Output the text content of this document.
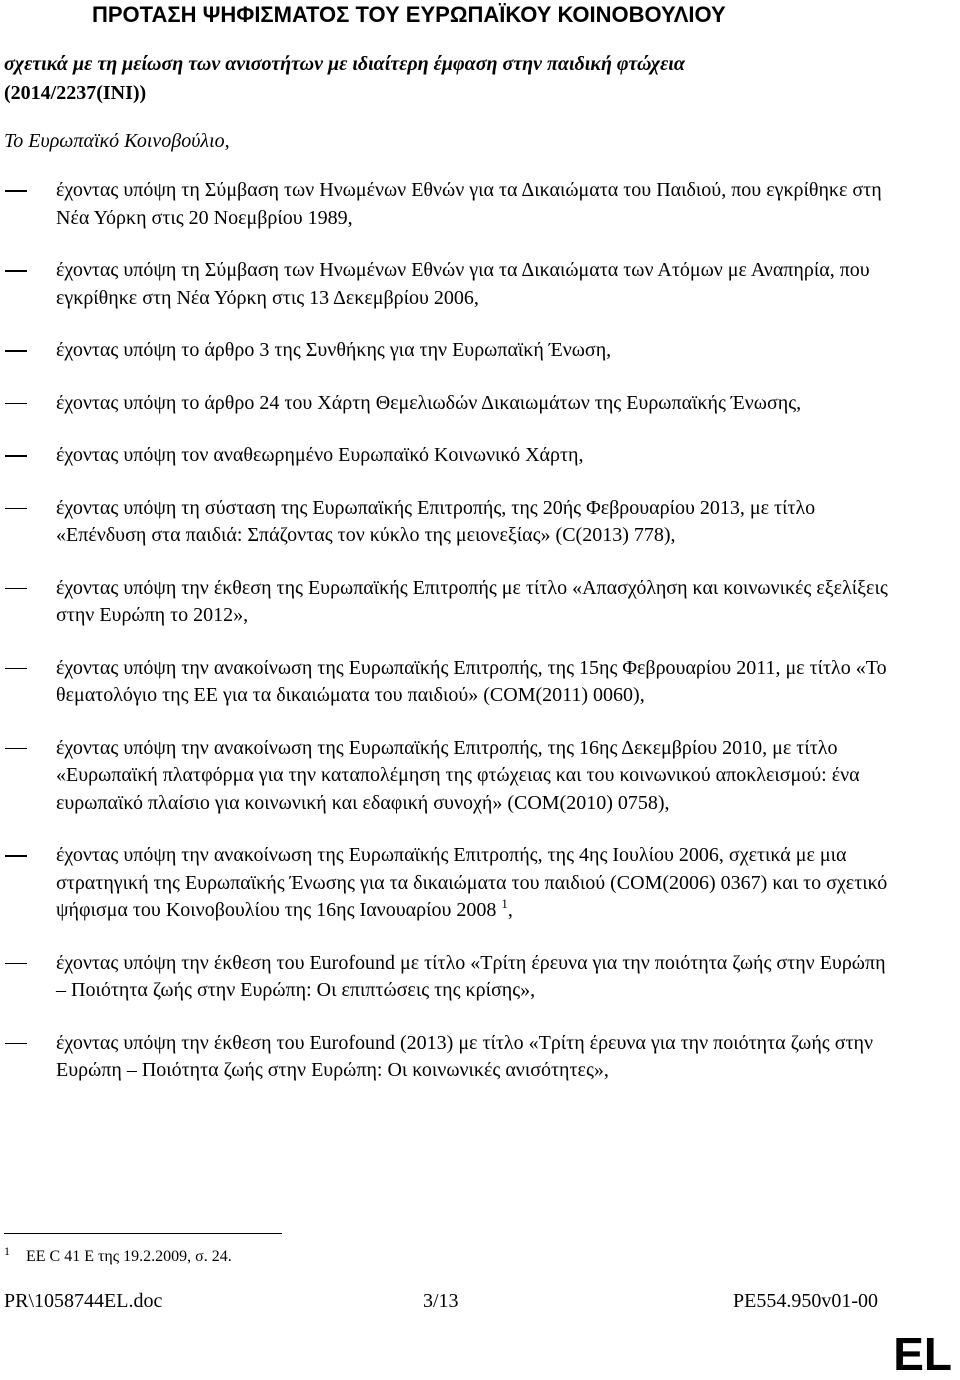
ΠΡΟΤΑΣΗ ΨΗΦΙΣΜΑΤΟΣ ΤΟΥ ΕΥΡΩΠΑΪΚΟΥ ΚΟΙΝΟΒΟΥΛΙΟΥ
σχετικά με τη μείωση των ανισοτήτων με ιδιαίτερη έμφαση στην παιδική φτώχεια
(2014/2237(INI))
Το Ευρωπαϊκό Κοινοβούλιο,
έχοντας υπόψη τη Σύμβαση των Ηνωμένων Εθνών για τα Δικαιώματα του Παιδιού, που εγκρίθηκε στη Νέα Υόρκη στις 20 Νοεμβρίου 1989,
έχοντας υπόψη τη Σύμβαση των Ηνωμένων Εθνών για τα Δικαιώματα των Ατόμων με Αναπηρία, που εγκρίθηκε στη Νέα Υόρκη στις 13 Δεκεμβρίου 2006,
έχοντας υπόψη το άρθρο 3 της Συνθήκης για την Ευρωπαϊκή Ένωση,
έχοντας υπόψη το άρθρο 24 του Χάρτη Θεμελιωδών Δικαιωμάτων της Ευρωπαϊκής Ένωσης,
έχοντας υπόψη τον αναθεωρημένο Ευρωπαϊκό Κοινωνικό Χάρτη,
έχοντας υπόψη τη σύσταση της Ευρωπαϊκής Επιτροπής, της 20ής Φεβρουαρίου 2013, με τίτλο «Επένδυση στα παιδιά: Σπάζοντας τον κύκλο της μειονεξίας» (C(2013) 778),
έχοντας υπόψη την έκθεση της Ευρωπαϊκής Επιτροπής με τίτλο «Απασχόληση και κοινωνικές εξελίξεις στην Ευρώπη το 2012»,
έχοντας υπόψη την ανακοίνωση της Ευρωπαϊκής Επιτροπής, της 15ης Φεβρουαρίου 2011, με τίτλο «Το θεματολόγιο της ΕΕ για τα δικαιώματα του παιδιού» (COM(2011) 0060),
έχοντας υπόψη την ανακοίνωση της Ευρωπαϊκής Επιτροπής, της 16ης Δεκεμβρίου 2010, με τίτλο «Ευρωπαϊκή πλατφόρμα για την καταπολέμηση της φτώχειας και του κοινωνικού αποκλεισμού: ένα ευρωπαϊκό πλαίσιο για κοινωνική και εδαφική συνοχή» (COM(2010) 0758),
έχοντας υπόψη την ανακοίνωση της Ευρωπαϊκής Επιτροπής, της 4ης Ιουλίου 2006, σχετικά με μια στρατηγική της Ευρωπαϊκής Ένωσης για τα δικαιώματα του παιδιού (COM(2006) 0367) και το σχετικό ψήφισμα του Κοινοβουλίου της 16ης Ιανουαρίου 2008 $^1$,
έχοντας υπόψη την έκθεση του Eurofound με τίτλο «Τρίτη έρευνα για την ποιότητα ζωής στην Ευρώπη ‒ Ποιότητα ζωής στην Ευρώπη: Οι επιπτώσεις της κρίσης»,
έχοντας υπόψη την έκθεση του Eurofound (2013) με τίτλο «Τρίτη έρευνα για την ποιότητα ζωής στην Ευρώπη ‒ Ποιότητα ζωής στην Ευρώπη: Οι κοινωνικές ανισότητες»,
$^1$ ΕΕ C 41 E της 19.2.2009, σ. 24.
PR\1058744EL.doc	3/13	PE554.950v01-00
EL
